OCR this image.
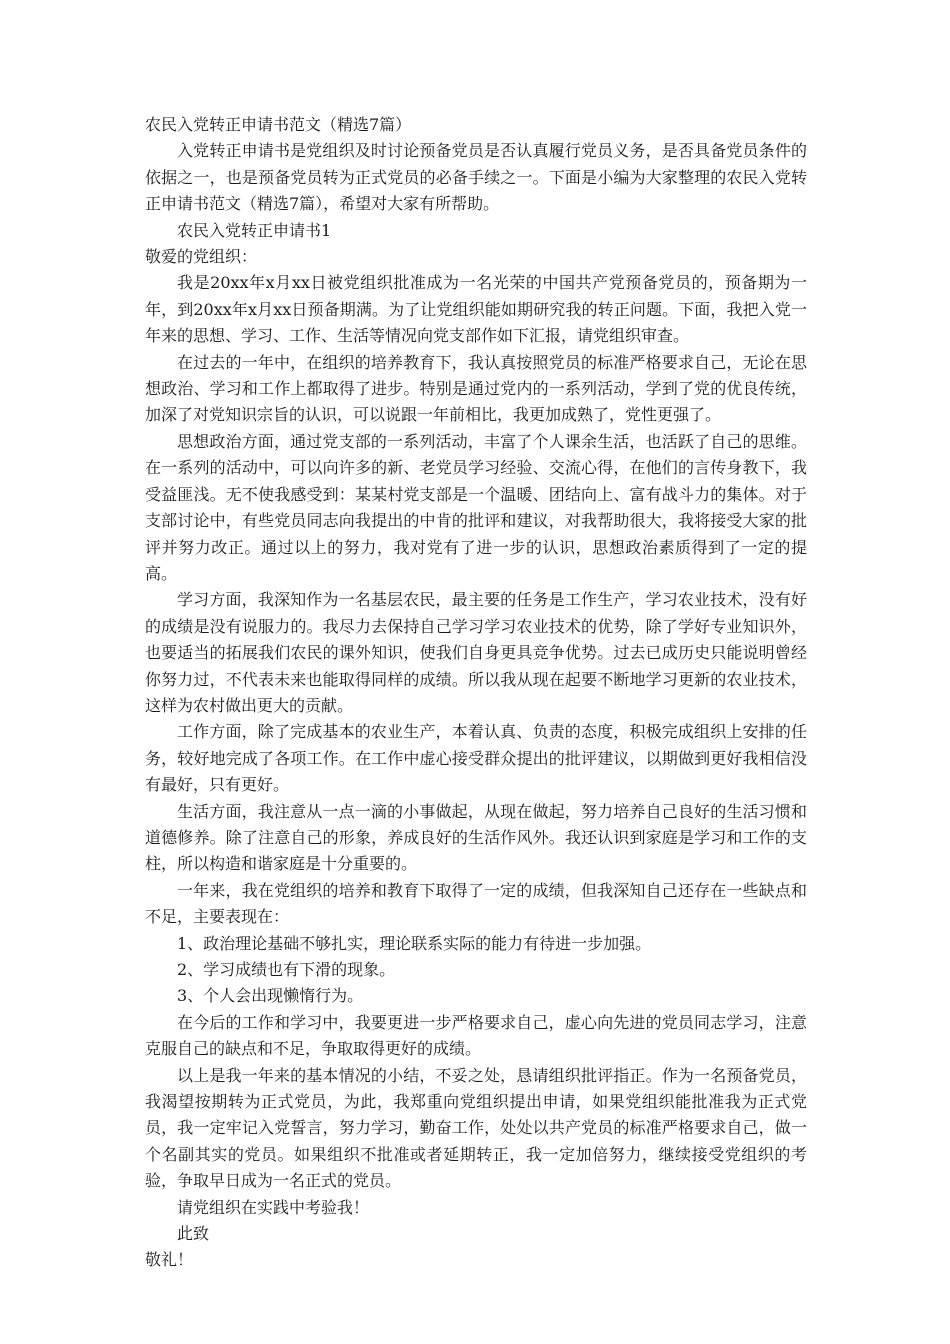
农民入党转正申请书范文（精选7篇）

入党转正申请书是党组织及时讨论预备党员是否认真履行党员义务，是否具备党员条件的依据之一，也是预备党员转为正式党员的必备手续之一。下面是小编为大家整理的农民入党转正申请书范文（精选7篇），希望对大家有所帮助。

农民入党转正申请书1

敬爱的党组织：

我是20xx年x月xx日被党组织批准成为一名光荣的中国共产党预备党员的，预备期为一年，到20xx年x月xx日预备期满。为了让党组织能如期研究我的转正问题。下面，我把入党一年来的思想、学习、工作、生活等情况向党支部作如下汇报，请党组织审查。

在过去的一年中，在组织的培养教育下，我认真按照党员的标准严格要求自己，无论在思想政治、学习和工作上都取得了进步。特别是通过党内的一系列活动，学到了党的优良传统，加深了对党知识宗旨的认识，可以说跟一年前相比，我更加成熟了，党性更强了。

思想政治方面，通过党支部的一系列活动，丰富了个人课余生活，也活跃了自己的思维。在一系列的活动中，可以向许多的新、老党员学习经验、交流心得，在他们的言传身教下，我受益匪浅。无不使我感受到：某某村党支部是一个温暖、团结向上、富有战斗力的集体。对于支部讨论中，有些党员同志向我提出的中肯的批评和建议，对我帮助很大，我将接受大家的批评并努力改正。通过以上的努力，我对党有了进一步的认识，思想政治素质得到了一定的提高。

学习方面，我深知作为一名基层农民，最主要的任务是工作生产，学习农业技术，没有好的成绩是没有说服力的。我尽力去保持自己学习学习农业技术的优势，除了学好专业知识外，也要适当的拓展我们农民的课外知识，使我们自身更具竞争优势。过去已成历史只能说明曾经你努力过，不代表未来也能取得同样的成绩。所以我从现在起要不断地学习更新的农业技术，这样为农村做出更大的贡献。

工作方面，除了完成基本的农业生产，本着认真、负责的态度，积极完成组织上安排的任务，较好地完成了各项工作。在工作中虚心接受群众提出的批评建议，以期做到更好我相信没有最好，只有更好。

生活方面，我注意从一点一滴的小事做起，从现在做起，努力培养自己良好的生活习惯和道德修养。除了注意自己的形象，养成良好的生活作风外。我还认识到家庭是学习和工作的支柱，所以构造和谐家庭是十分重要的。

一年来，我在党组织的培养和教育下取得了一定的成绩，但我深知自己还存在一些缺点和不足，主要表现在：

1、政治理论基础不够扎实，理论联系实际的能力有待进一步加强。

2、学习成绩也有下滑的现象。

3、个人会出现懒惰行为。

在今后的工作和学习中，我要更进一步严格要求自己，虚心向先进的党员同志学习，注意克服自己的缺点和不足，争取取得更好的成绩。

以上是我一年来的基本情况的小结，不妥之处，恳请组织批评指正。作为一名预备党员，我渴望按期转为正式党员，为此，我郑重向党组织提出申请，如果党组织能批准我为正式党员，我一定牢记入党誓言，努力学习，勤奋工作，处处以共产党员的标准严格要求自己，做一个名副其实的党员。如果组织不批准或者延期转正，我一定加倍努力，继续接受党组织的考验，争取早日成为一名正式的党员。

请党组织在实践中考验我！

此致

敬礼！
